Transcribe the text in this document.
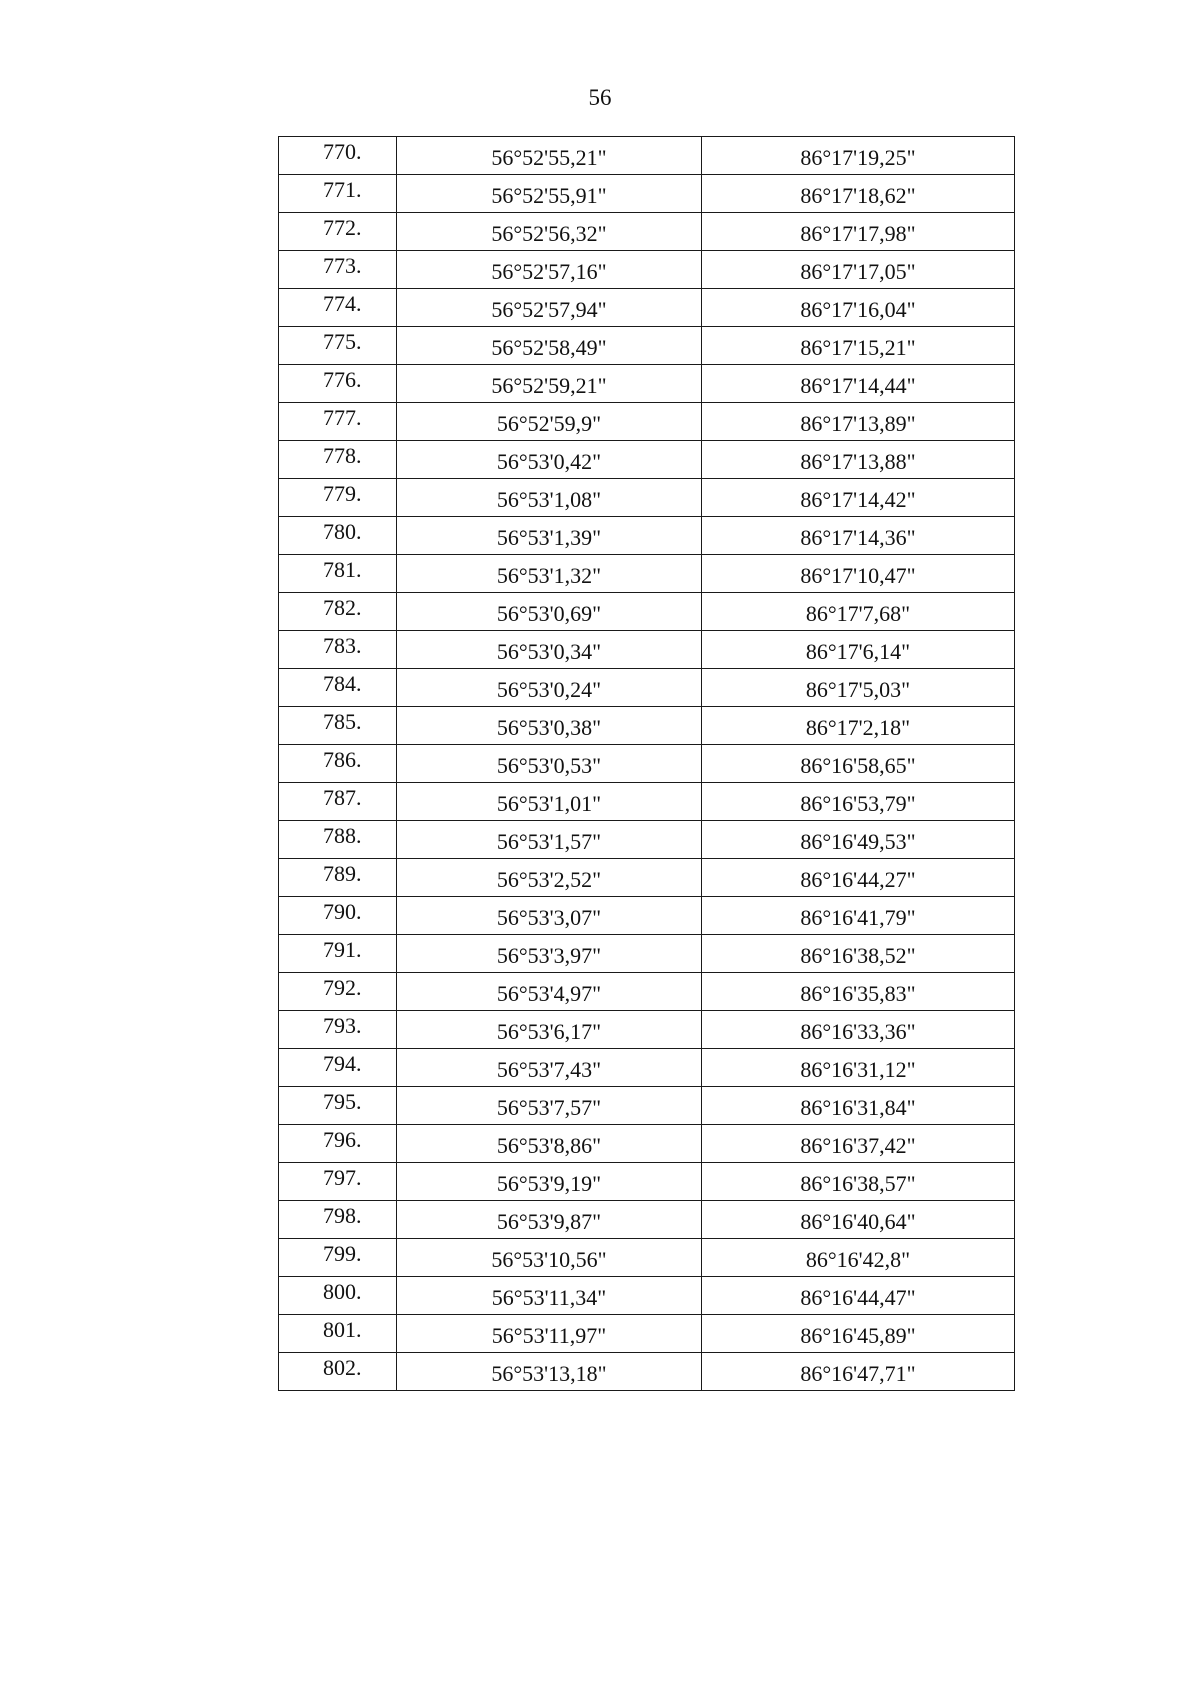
56
770.	56°52'55,21"	86°17'19,25"
771.	56°52'55,91"	86°17'18,62"
772.	56°52'56,32"	86°17'17,98"
773.	56°52'57,16"	86°17'17,05"
774.	56°52'57,94"	86°17'16,04"
775.	56°52'58,49"	86°17'15,21"
776.	56°52'59,21"	86°17'14,44"
777.	56°52'59,9"	86°17'13,89"
778.	56°53'0,42"	86°17'13,88"
779.	56°53'1,08"	86°17'14,42"
780.	56°53'1,39"	86°17'14,36"
781.	56°53'1,32"	86°17'10,47"
782.	56°53'0,69"	86°17'7,68"
783.	56°53'0,34"	86°17'6,14"
784.	56°53'0,24"	86°17'5,03"
785.	56°53'0,38"	86°17'2,18"
786.	56°53'0,53"	86°16'58,65"
787.	56°53'1,01"	86°16'53,79"
788.	56°53'1,57"	86°16'49,53"
789.	56°53'2,52"	86°16'44,27"
790.	56°53'3,07"	86°16'41,79"
791.	56°53'3,97"	86°16'38,52"
792.	56°53'4,97"	86°16'35,83"
793.	56°53'6,17"	86°16'33,36"
794.	56°53'7,43"	86°16'31,12"
795.	56°53'7,57"	86°16'31,84"
796.	56°53'8,86"	86°16'37,42"
797.	56°53'9,19"	86°16'38,57"
798.	56°53'9,87"	86°16'40,64"
799.	56°53'10,56"	86°16'42,8"
800.	56°53'11,34"	86°16'44,47"
801.	56°53'11,97"	86°16'45,89"
802.	56°53'13,18"	86°16'47,71"
